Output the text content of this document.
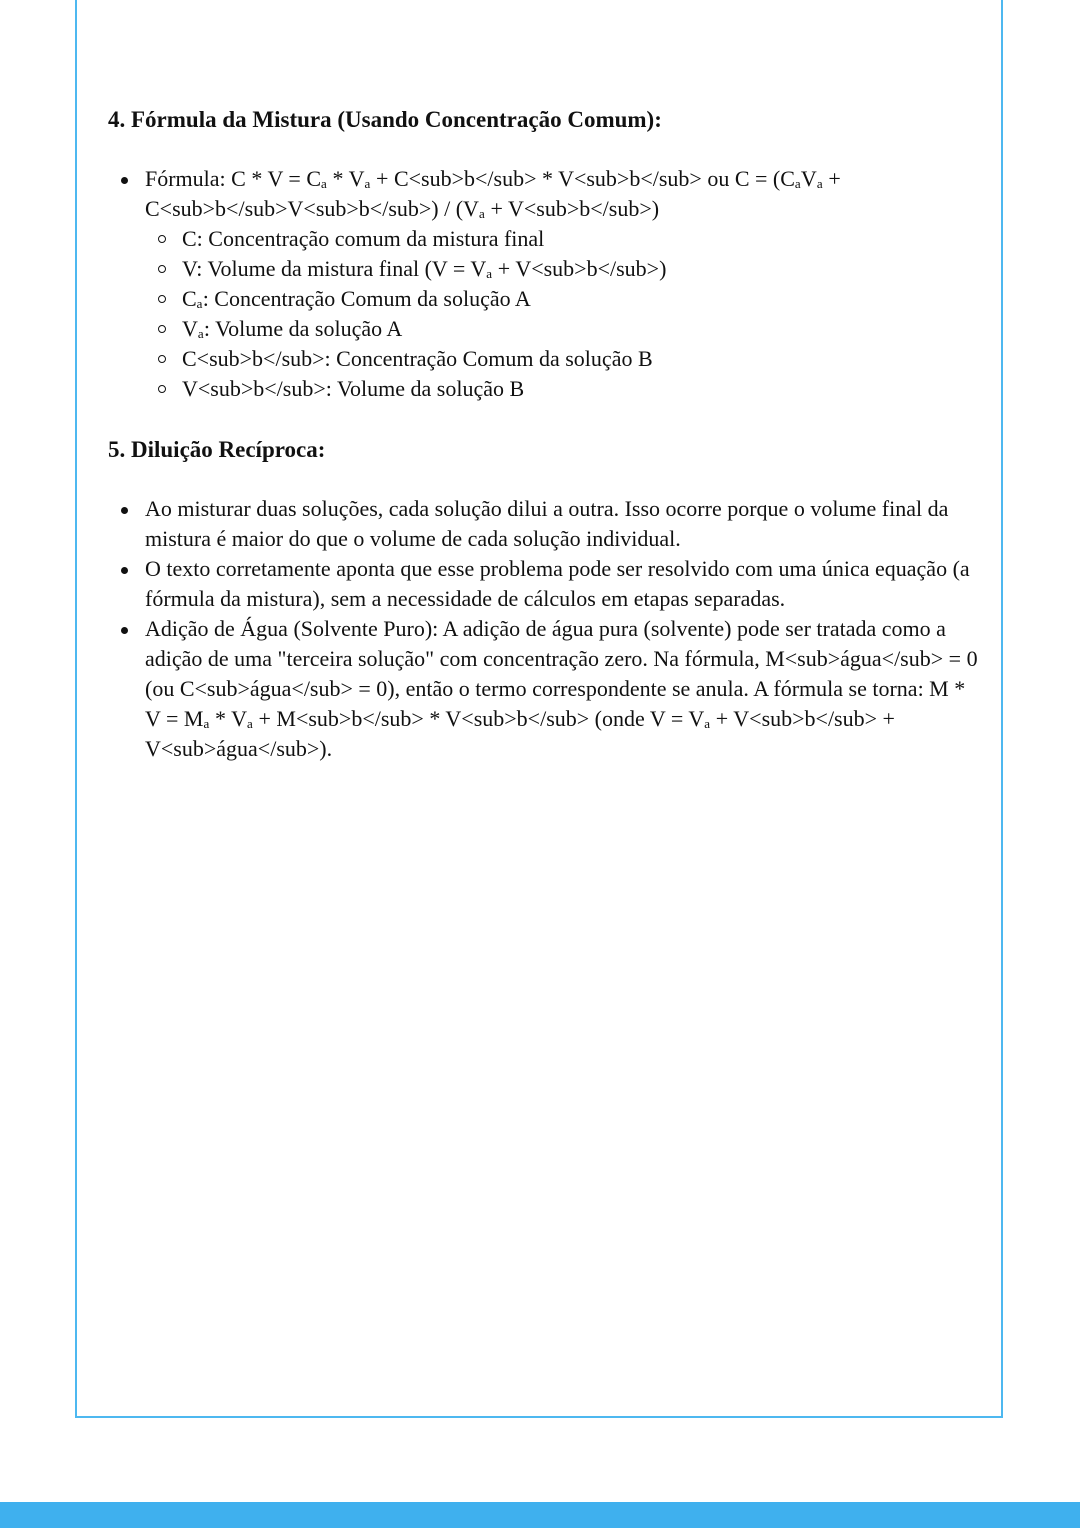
4. Fórmula da Mistura (Usando Concentração Comum):
Fórmula: C * V = Cₐ * Vₐ + C<sub>b</sub> * V<sub>b</sub> ou C = (CₐVₐ + C<sub>b</sub>V<sub>b</sub>) / (Vₐ + V<sub>b</sub>)
C: Concentração comum da mistura final
V: Volume da mistura final (V = Vₐ + V<sub>b</sub>)
Cₐ: Concentração Comum da solução A
Vₐ: Volume da solução A
C<sub>b</sub>: Concentração Comum da solução B
V<sub>b</sub>: Volume da solução B
5. Diluição Recíproca:
Ao misturar duas soluções, cada solução dilui a outra. Isso ocorre porque o volume final da mistura é maior do que o volume de cada solução individual.
O texto corretamente aponta que esse problema pode ser resolvido com uma única equação (a fórmula da mistura), sem a necessidade de cálculos em etapas separadas.
Adição de Água (Solvente Puro): A adição de água pura (solvente) pode ser tratada como a adição de uma "terceira solução" com concentração zero. Na fórmula, M<sub>água</sub> = 0 (ou C<sub>água</sub> = 0), então o termo correspondente se anula. A fórmula se torna: M * V = Mₐ * Vₐ + M<sub>b</sub> * V<sub>b</sub> (onde V = Vₐ + V<sub>b</sub> + V<sub>água</sub>).
